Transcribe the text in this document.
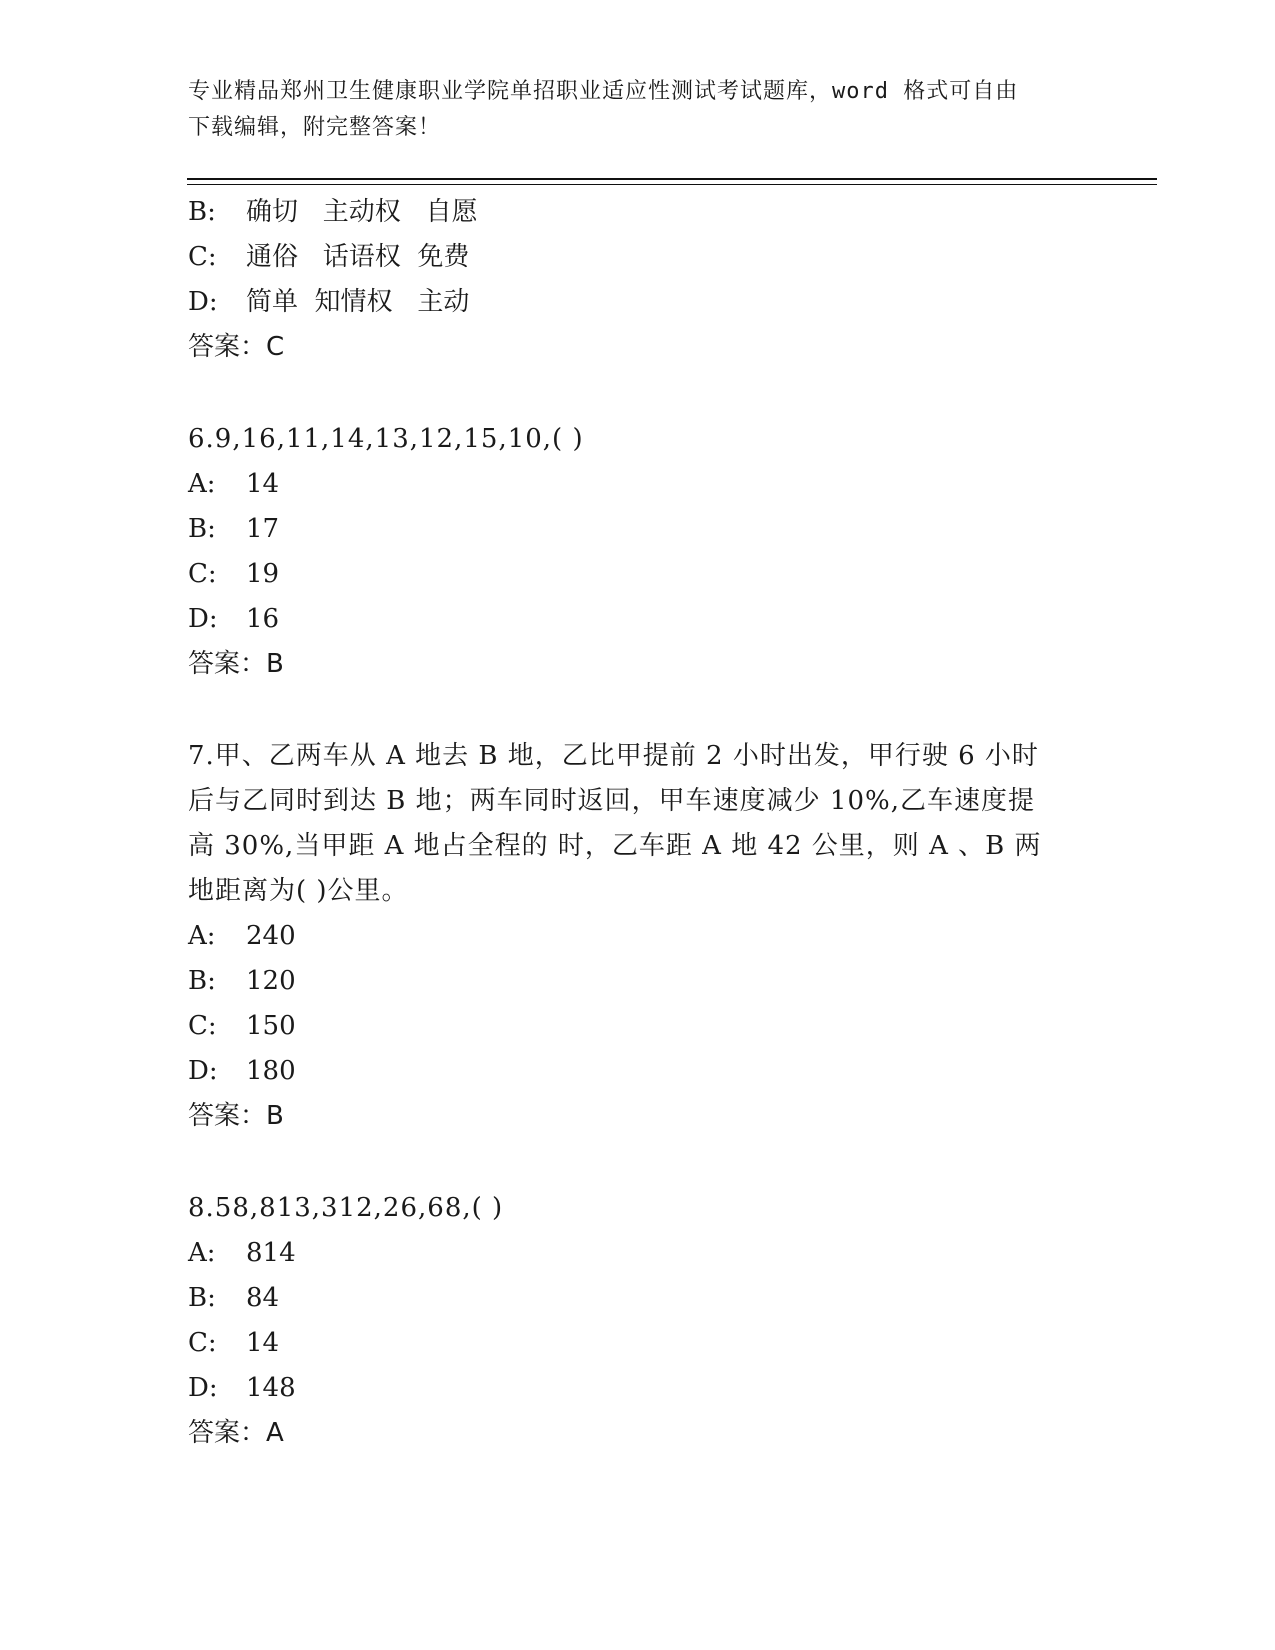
专业精品郑州卫生健康职业学院单招职业适应性测试考试题库，word 格式可自由
下载编辑，附完整答案！
B: 确切   主动权   自愿
C: 通俗   话语权  免费
D: 简单  知情权   主动
答案：C
6.9,16,11,14,13,12,15,10,( )
A: 14
B: 17
C: 19
D: 16
答案：B
7.甲、乙两车从 A 地去 B 地，乙比甲提前 2 小时出发，甲行驶 6 小时
后与乙同时到达 B 地；两车同时返回，甲车速度减少 10%,乙车速度提
高 30%,当甲距 A 地占全程的 时，乙车距 A 地 42 公里，则 A 、B 两
地距离为( )公里。
A: 240
B: 120
C: 150
D: 180
答案：B
8.58,813,312,26,68,( )
A: 814
B: 84
C: 14
D: 148
答案：A
